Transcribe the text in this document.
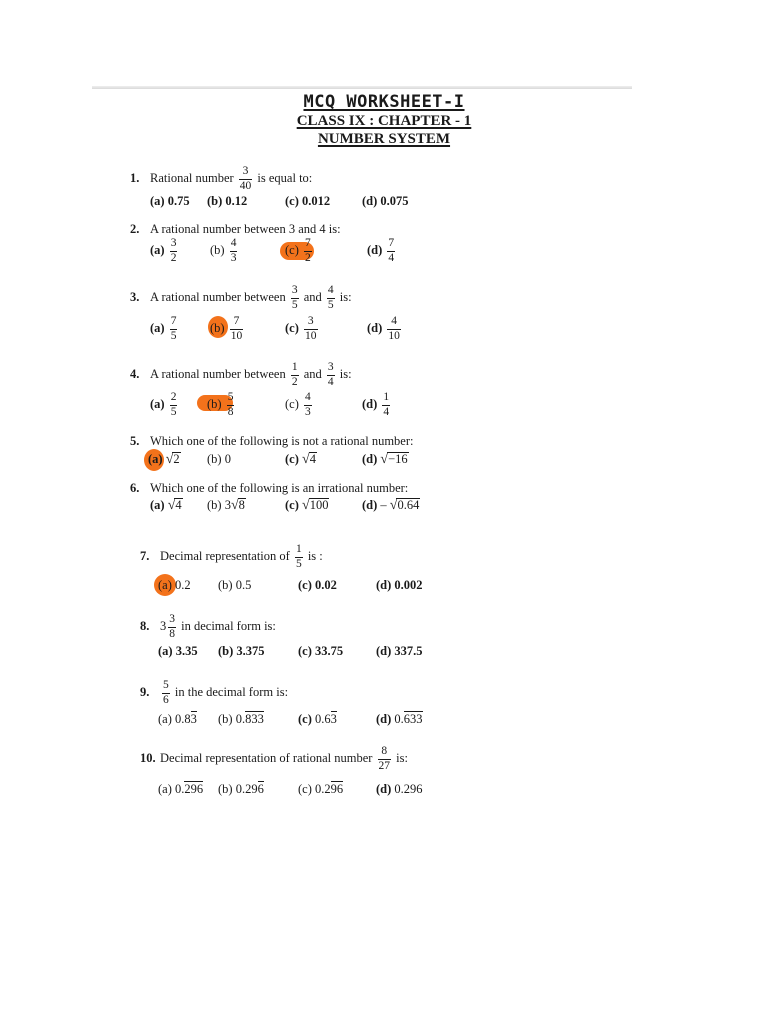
MCQ WORKSHEET-I
CLASS IX : CHAPTER - 1
NUMBER SYSTEM
1. Rational number $\frac{3}{40}$ is equal to:
(a) 0.75 (b) 0.12	(c) 0.012	(d) 0.075
2. A rational number between 3 and 4 is:
$(a) \frac{3}{2}$	$(b) \frac{4}{3}$	$(c) \frac{7}{2}$	$(d) \frac{7}{4}$
3. A rational number between $\frac{3}{5}$ and $\frac{4}{5}$ is:
$(a) \frac{7}{5}$	$(b) \frac{7}{10}$	$(c) \frac{3}{10}$	$(d) \frac{4}{10}$
4. A rational number between $\frac{1}{2}$ and $\frac{3}{4}$ is:
$(a) \frac{2}{5} (b) \frac{5}{8}$	$(c) \frac{4}{3}$	$(d) \frac{1}{4}$
5. Which one of the following is not a rational number:
(a) √ 2 (b) 0	(c) √ 4	(d) √ −16
6. Which one of the following is an irrational number:
(a) √ 4 (b) 3 √ 8	(c) √ 100	(d) – √ 0.64
7. Decimal representation of $\frac{1}{5}$ is :
(a) 0.2 (b) 0.5	(c) 0.02	(d) 0.002
8. $3 \frac{3}{8}$ in decimal form is:
(a) 3.35 (b) 3.375	(c) 33.75	(d) 337.5
9. $\frac{5}{6}$ in the decimal form is:
(a) 0.83 (b) 0.833	(c) 0.63	(d) 0.633
10. Decimal representation of rational number $\frac{8}{27}$ is:
(a) 0.296 (b) 0.296	(c) 0.296	(d) 0.296
